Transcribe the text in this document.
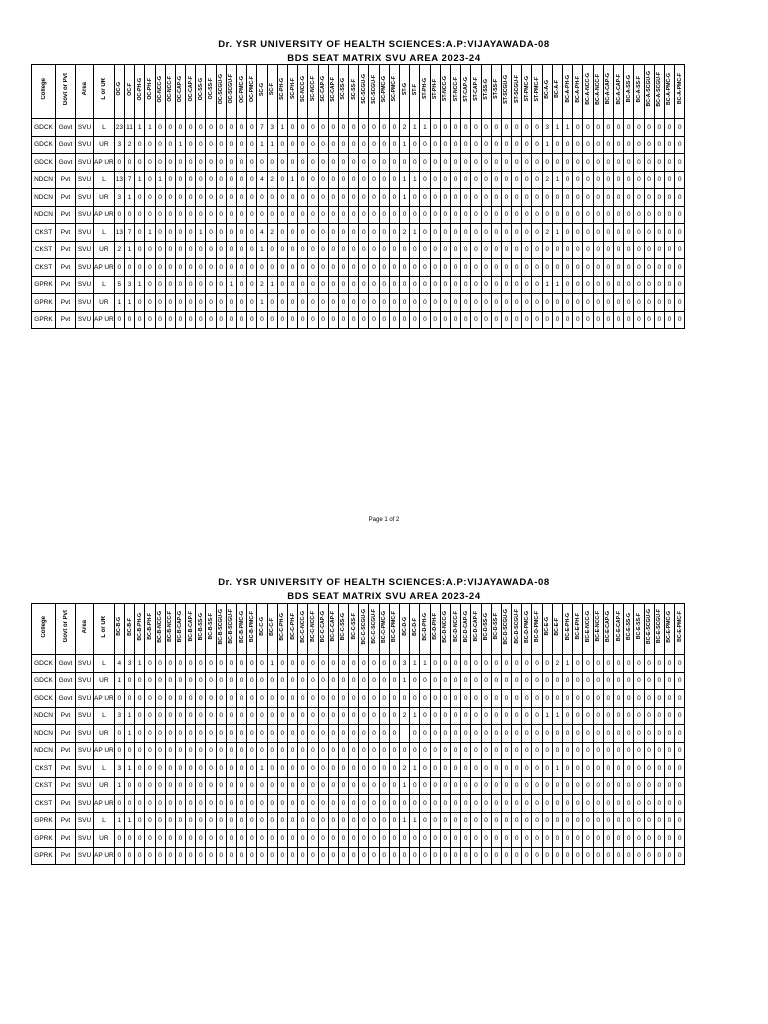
Dr. YSR UNIVERSITY OF HEALTH SCIENCES:A.P:VIJAYAWADA-08
BDS SEAT MATRIX SVU AREA 2023-24
College	Govt or Pvt	Area	L or UR	OC-G	OC-F	OC-PH-G	OC-PH-F	OC-NCC-G	OC-NCC-F	OC-CAP-G	OC-CAP-F	OC-SS-G	OC-SS-F	OC-SCGU-G	OC-SCGU-F	OC-PMC-G	OC-PMC-F	SC-G	SC-F	SC-PH-G	SC-PH-F	SC-NCC-G	SC-NCC-F	SC-CAP-G	SC-CAP-F	SC-SS-G	SC-SS-F	SC-SCGU-G	SC-SCGU-F	SC-PMC-G	SC-PMC-F	ST-G	ST-F	ST-PH-G	ST-PH-F	ST-NCC-G	ST-NCC-F	ST-CAP-G	ST-CAP-F	ST-SS-G	ST-SS-F	ST-SCGU-G	ST-SCGU-F	ST-PMC-G	ST-PMC-F	BC-A-G	BC-A-F	BC-A-PH-G	BC-A-PH-F	BC-A-NCC-G	BC-A-NCC-F	BC-A-CAP-G	BC-A-CAP-F	BC-A-SS-G	BC-A-SS-F	BC-A-SCGU-G	BC-A-SCGU-F	BC-A-PMC-G	BC-A-PMC-F
GDCK	Govt	SVU	L	23	11	1	1	0	0	0	0	0	0	0	0	0	0	7	3	1	0	0	0	0	0	0	0	0	0	0	0	2	1	1	0	0	0	0	0	0	0	0	0	0	0	3	1	1	0	0	0	0	0	0	0	0	0	0	0
GDCK	Govt	SVU	UR	3	2	0	0	0	0	1	0	0	0	0	0	0	0	1	1	0	0	0	0	0	0	0	0	0	0	0	0	1	0	0	0	0	0	0	0	0	0	0	0	0	0	1	0	0	0	0	0	0	0	0	0	0	0	0	0
GDCK	Govt	SVU	AP UR	0	0	0	0	0	0	0	0	0	0	0	0	0	0	0	0	0	0	0	0	0	0	0	0	0	0	0	0	0	0	0	0	0	0	0	0	0	0	0	0	0	0	0	0	0	0	0	0	0	0	0	0	0	0	0	0
NDCN	Pvt	SVU	L	13	7	1	0	1	0	0	0	0	0	0	0	0	0	4	2	0	1	0	0	0	0	0	0	0	0	0	0	1	1	0	0	0	0	0	0	0	0	0	0	0	0	2	1	0	0	0	0	0	0	0	0	0	0	0	0
NDCN	Pvt	SVU	UR	3	1	0	0	0	0	0	0	0	0	0	0	0	0	0	0	0	0	0	0	0	0	0	0	0	0	0	0	1	0	0	0	0	0	0	0	0	0	0	0	0	0	0	0	0	0	0	0	0	0	0	0	0	0	0	0
NDCN	Pvt	SVU	AP UR	0	0	0	0	0	0	0	0	0	0	0	0	0	0	0	0	0	0	0	0	0	0	0	0	0	0	0	0	0	0	0	0	0	0	0	0	0	0	0	0	0	0	0	0	0	0	0	0	0	0	0	0	0	0	0	0
CKST	Pvt	SVU	L	13	7	0	1	0	0	0	0	1	0	0	0	0	0	4	2	0	0	0	0	0	0	0	0	0	0	0	0	2	1	0	0	0	0	0	0	0	0	0	0	0	0	2	1	0	0	0	0	0	0	0	0	0	0	0	0
CKST	Pvt	SVU	UR	2	1	0	0	0	0	0	0	0	0	0	0	0	0	1	0	0	0	0	0	0	0	0	0	0	0	0	0	0	0	0	0	0	0	0	0	0	0	0	0	0	0	0	0	0	0	0	0	0	0	0	0	0	0	0	0
CKST	Pvt	SVU	AP UR	0	0	0	0	0	0	0	0	0	0	0	0	0	0	0	0	0	0	0	0	0	0	0	0	0	0	0	0	0	0	0	0	0	0	0	0	0	0	0	0	0	0	0	0	0	0	0	0	0	0	0	0	0	0	0	0
GPRK	Pvt	SVU	L	5	3	1	0	0	0	0	0	0	0	0	1	0	0	2	1	0	0	0	0	0	0	0	0	0	0	0	0	0	0	0	0	0	0	0	0	0	0	0	0	0	0	1	1	0	0	0	0	0	0	0	0	0	0	0	0
GPRK	Pvt	SVU	UR	1	1	0	0	0	0	0	0	0	0	0	0	0	0	1	0	0	0	0	0	0	0	0	0	0	0	0	0	0	0	0	0	0	0	0	0	0	0	0	0	0	0	0	0	0	0	0	0	0	0	0	0	0	0	0	0
GPRK	Pvt	SVU	AP UR	0	0	0	0	0	0	0	0	0	0	0	0	0	0	0	0	0	0	0	0	0	0	0	0	0	0	0	0	0	0	0	0	0	0	0	0	0	0	0	0	0	0	0	0	0	0	0	0	0	0	0	0	0	0	0	0
Page 1 of 2
Dr. YSR UNIVERSITY OF HEALTH SCIENCES:A.P:VIJAYAWADA-08
BDS SEAT MATRIX SVU AREA 2023-24
College	Govt or Pvt	Area	L or UR	BC-B-G	BC-B-F	BC-B-PH-G	BC-B-PH-F	BC-B-NCC-G	BC-B-NCC-F	BC-B-CAP-G	BC-B-CAP-F	BC-B-SS-G	BC-B-SS-F	BC-B-SCGU-G	BC-B-SCGU-F	BC-B-PMC-G	BC-B-PMC-F	BC-C-G	BC-C-F	BC-C-PH-G	BC-C-PH-F	BC-C-NCC-G	BC-C-NCC-F	BC-C-CAP-G	BC-C-CAP-F	BC-C-SS-G	BC-C-SS-F	BC-C-SCGU-G	BC-C-SCGU-F	BC-C-PMC-G	BC-C-PMC-F	BC-D-G	BC-D-F	BC-D-PH-G	BC-D-PH-F	BC-D-NCC-G	BC-D-NCC-F	BC-D-CAP-G	BC-D-CAP-F	BC-D-SS-G	BC-D-SS-F	BC-D-SCGU-G	BC-D-SCGU-F	BC-D-PMC-G	BC-D-PMC-F	BC-E-G	BC-E-F	BC-E-PH-G	BC-E-PH-F	BC-E-NCC-G	BC-E-NCC-F	BC-E-CAP-G	BC-E-CAP-F	BC-E-SS-G	BC-E-SS-F	BC-E-SCGU-G	BC-E-SCGU-F	BC-E-PMC-G	BC-E-PMC-F
GDCK	Govt	SVU	L	4	3	1	0	0	0	0	0	0	0	0	0	0	0	0	1	0	0	0	0	0	0	0	0	0	0	0	0	3	1	1	0	0	0	0	0	0	0	0	0	0	0	0	2	1	0	0	0	0	0	0	0	0	0	0	0
GDCK	Govt	SVU	UR	1	0	0	0	0	0	0	0	0	0	0	0	0	0	0	0	0	0	0	0	0	0	0	0	0	0	0	0	1	0	0	0	0	0	0	0	0	0	0	0	0	0	0	0	0	0	0	0	0	0	0	0	0	0	0	0
GDCK	Govt	SVU	AP UR	0	0	0	0	0	0	0	0	0	0	0	0	0	0	0	0	0	0	0	0	0	0	0	0	0	0	0	0	0	0	0	0	0	0	0	0	0	0	0	0	0	0	0	0	0	0	0	0	0	0	0	0	0	0	0	0
NDCN	Pvt	SVU	L	3	1	0	0	0	0	0	0	0	0	0	0	0	0	0	0	0	0	0	0	0	0	0	0	0	0	0	0	2	1	0	0	0	0	0	0	0	0	0	0	0	0	1	1	0	0	0	0	0	0	0	0	0	0	0	0
NDCN	Pvt	SVU	UR	0	1	0	0	0	0	0	0	0	0	0	0	0	0	0	0	0	0	0	0	0	0	0	0	0	0	0	0		0	0	0	0	0	0	0	0	0	0	0	0	0	0	0	0	0	0	0	0	0	0	0	0	0	0	0
NDCN	Pvt	SVU	AP UR	0	0	0	0	0	0	0	0	0	0	0	0	0	0	0	0	0	0	0	0	0	0	0	0	0	0	0	0	0	0	0	0	0	0	0	0	0	0	0	0	0	0	0	0	0	0	0	0	0	0	0	0	0	0	0	0
CKST	Pvt	SVU	L	3	1	0	0	0	0	0	0	0	0	0	0	0	0	1	0	0	0	0	0	0	0	0	0	0	0	0	0	2	1	0	0	0	0	0	0	0	0	0	0	0	0	0	1	0	0	0	0	0	0	0	0	0	0	0	0
CKST	Pvt	SVU	UR	1	0	0	0	0	0	0	0	0	0	0	0	0	0	0	0	0	0	0	0	0	0	0	0	0	0	0	0	1	0	0	0	0	0	0	0	0	0	0	0	0	0	0	0	0	0	0	0	0	0	0	0	0	0	0	0
CKST	Pvt	SVU	AP UR	0	0	0	0	0	0	0	0	0	0	0	0	0	0	0	0	0	0	0	0	0	0	0	0	0	0	0	0	0	0	0	0	0	0	0	0	0	0	0	0	0	0	0	0	0	0	0	0	0	0	0	0	0	0	0	0
GPRK	Pvt	SVU	L	1	1	0	0	0	0	0	0	0	0	0	0	0	0	0	0	0	0	0	0	0	0	0	0	0	0	0	0	1	1	0	0	0	0	0	0	0	0	0	0	0	0	0	0	0	0	0	0	0	0	0	0	0	0	0	0
GPRK	Pvt	SVU	UR	0	0	0	0	0	0	0	0	0	0	0	0	0	0	0	0	0	0	0	0	0	0	0	0	0	0	0	0	0	0	0	0	0	0	0	0	0	0	0	0	0	0	0	0	0	0	0	0	0	0	0	0	0	0	0	0
GPRK	Pvt	SVU	AP UR	0	0	0	0	0	0	0	0	0	0	0	0	0	0	0	0	0	0	0	0	0	0	0	0	0	0	0	0	0	0	0	0	0	0	0	0	0	0	0	0	0	0	0	0	0	0	0	0	0	0	0	0	0	0	0	0
